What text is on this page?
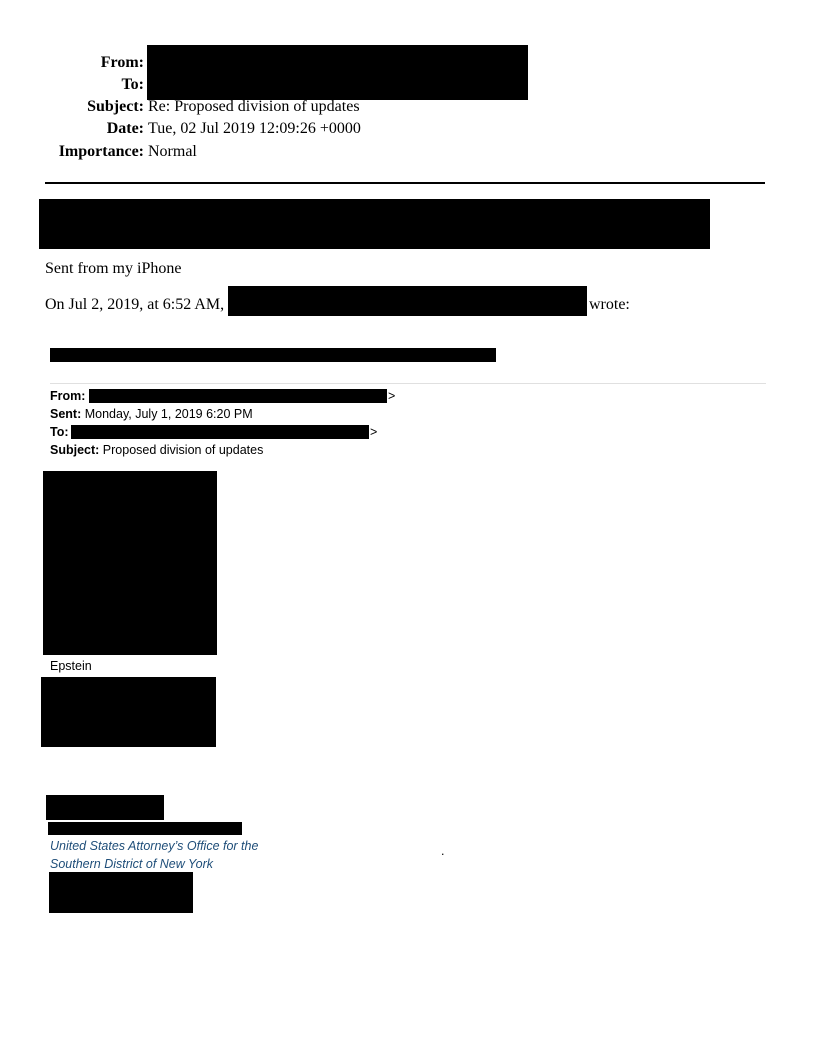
From:
To:
Subject: Re: Proposed division of updates
Date: Tue, 02 Jul 2019 12:09:26 +0000
Importance: Normal
Sent from my iPhone
On Jul 2, 2019, at 6:52 AM,	wrote:
From:	>
Sent: Monday, July 1, 2019 6:20 PM
To:	>
Subject: Proposed division of updates
Epstein
United States Attorney’s Office for the
Southern District of New York
.
